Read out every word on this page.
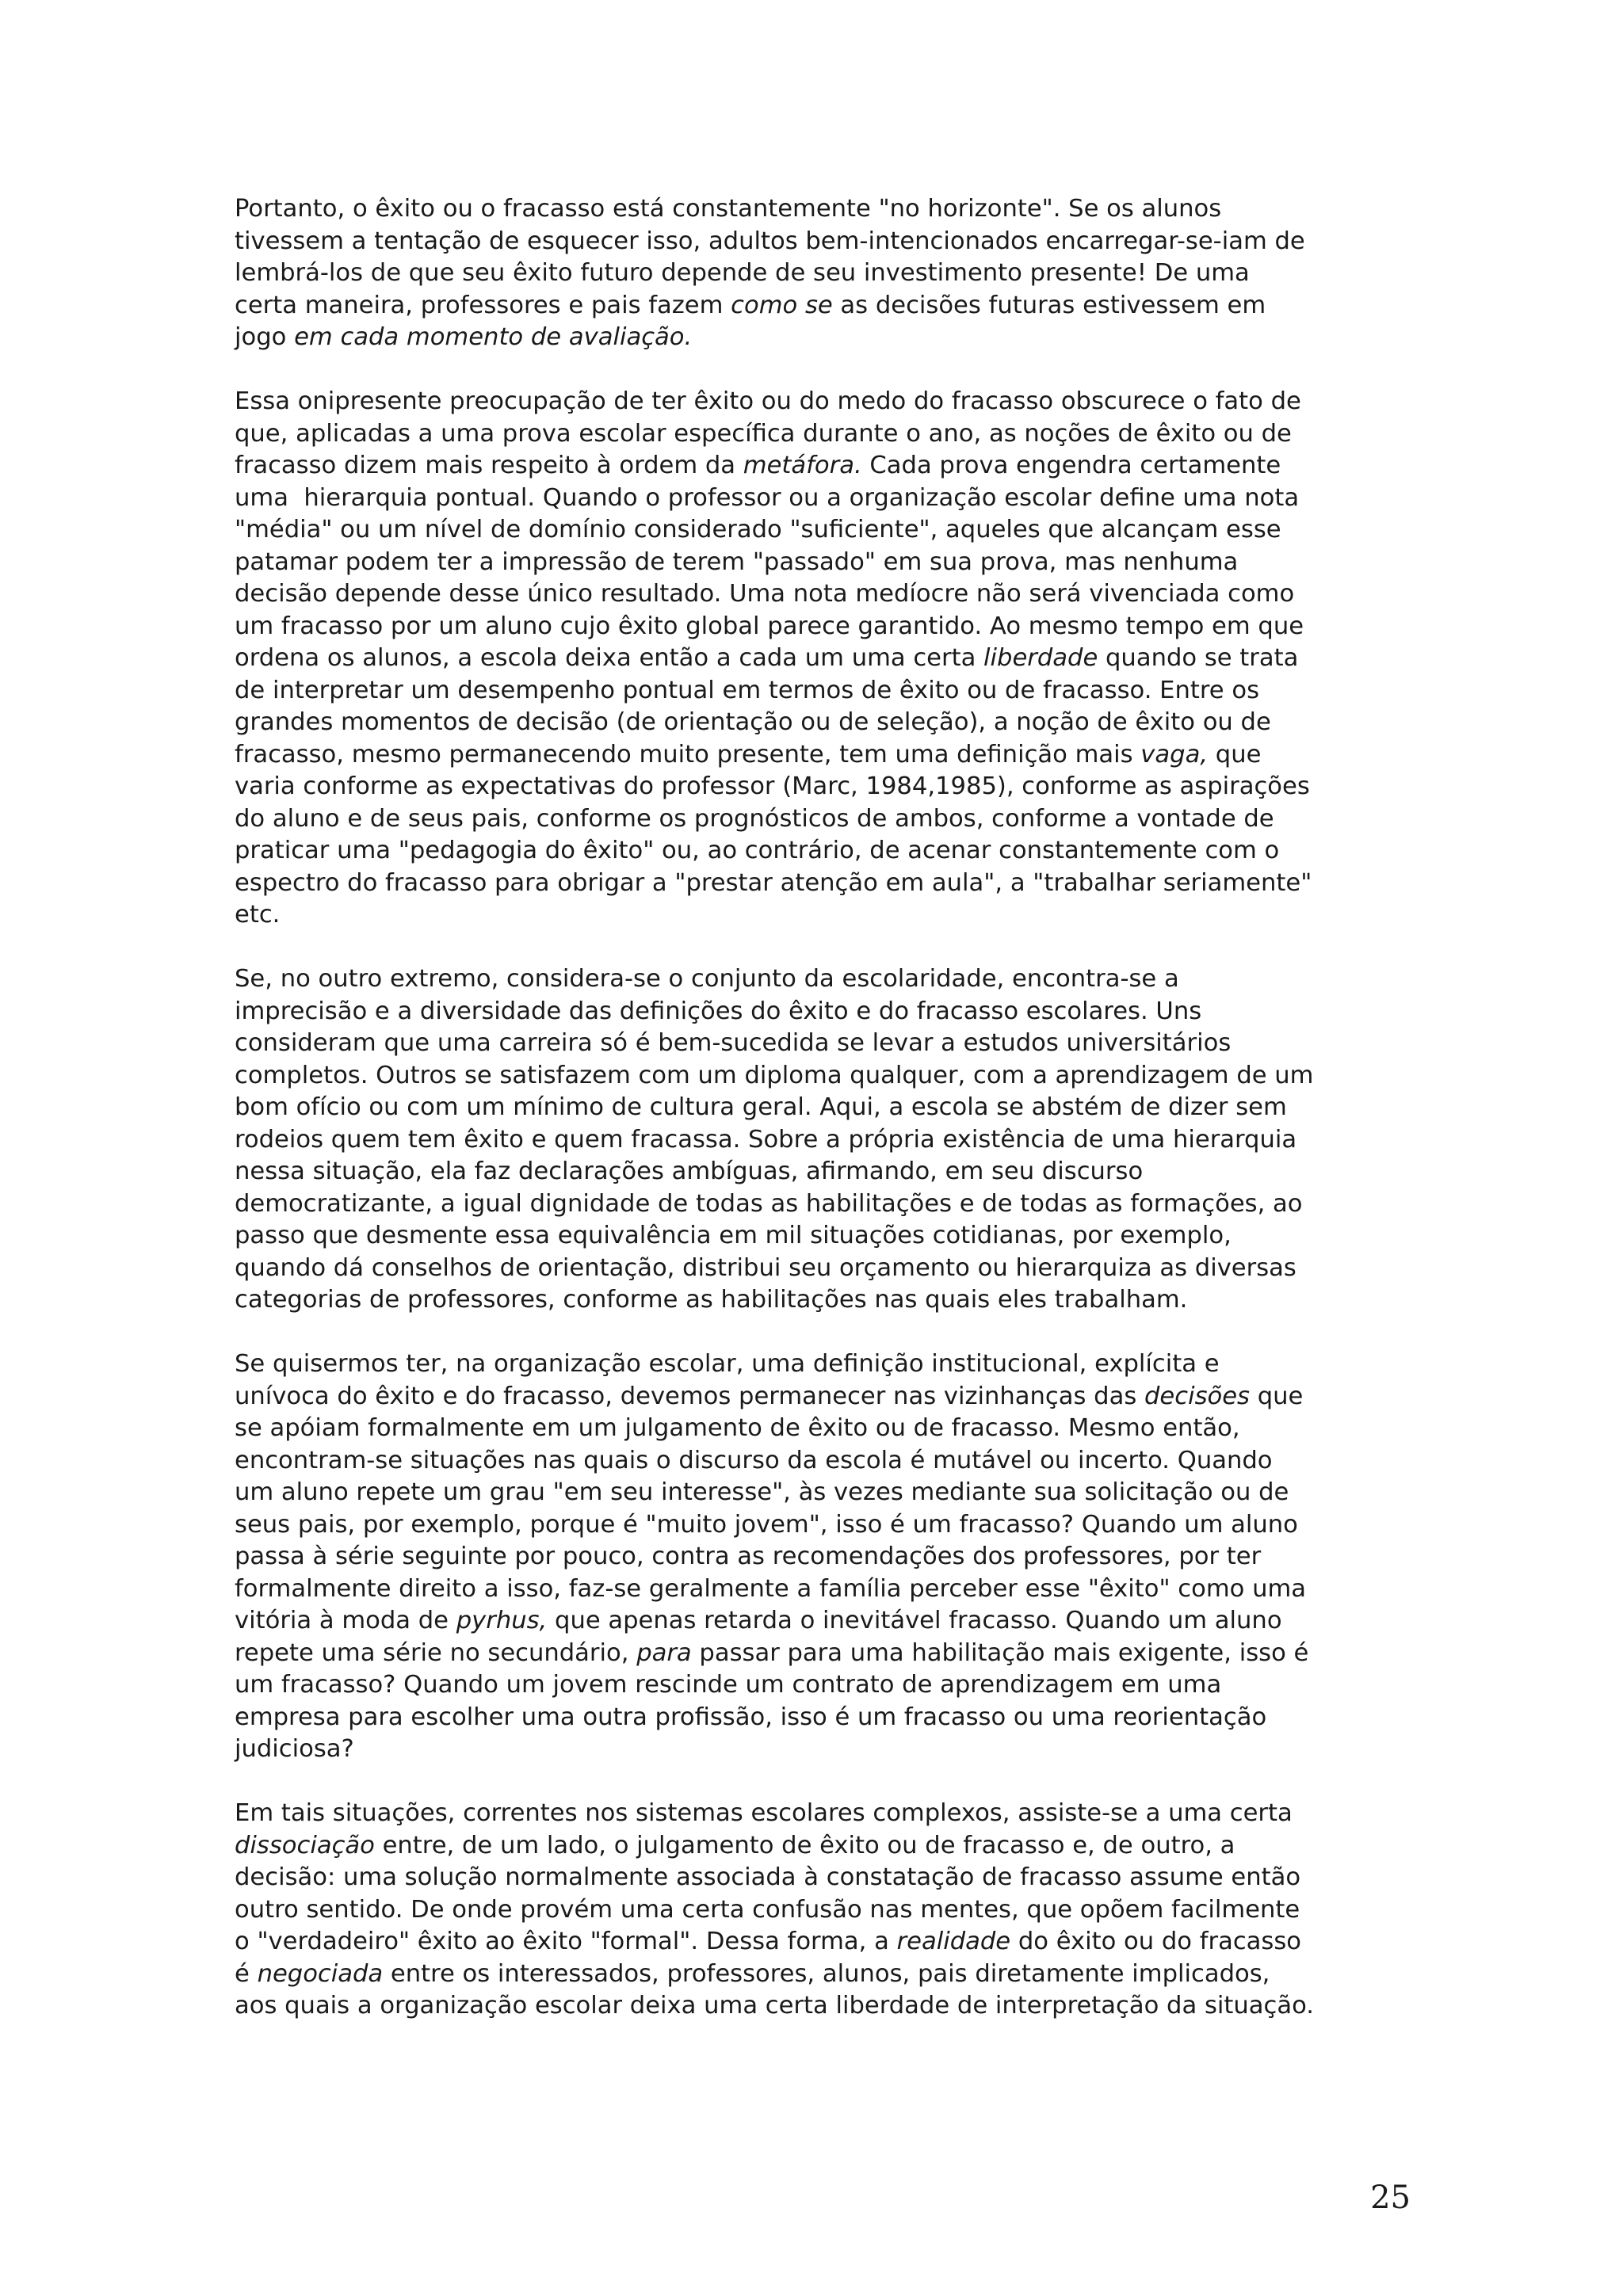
Portanto, o êxito ou o fracasso está constantemente "no horizonte". Se os alunos
tivessem a tentação de esquecer isso, adultos bem-intencionados encarregar-se-iam de
lembrá-los de que seu êxito futuro depende de seu investimento presente! De uma
certa maneira, professores e pais fazem como se as decisões futuras estivessem em
jogo em cada momento de avaliação.

Essa onipresente preocupação de ter êxito ou do medo do fracasso obscurece o fato de
que, aplicadas a uma prova escolar específica durante o ano, as noções de êxito ou de
fracasso dizem mais respeito à ordem da metáfora. Cada prova engendra certamente
uma  hierarquia pontual. Quando o professor ou a organização escolar define uma nota
"média" ou um nível de domínio considerado "suficiente", aqueles que alcançam esse
patamar podem ter a impressão de terem "passado" em sua prova, mas nenhuma
decisão depende desse único resultado. Uma nota medíocre não será vivenciada como
um fracasso por um aluno cujo êxito global parece garantido. Ao mesmo tempo em que
ordena os alunos, a escola deixa então a cada um uma certa liberdade quando se trata
de interpretar um desempenho pontual em termos de êxito ou de fracasso. Entre os
grandes momentos de decisão (de orientação ou de seleção), a noção de êxito ou de
fracasso, mesmo permanecendo muito presente, tem uma definição mais vaga, que
varia conforme as expectativas do professor (Marc, 1984,1985), conforme as aspirações
do aluno e de seus pais, conforme os prognósticos de ambos, conforme a vontade de
praticar uma "pedagogia do êxito" ou, ao contrário, de acenar constantemente com o
espectro do fracasso para obrigar a "prestar atenção em aula", a "trabalhar seriamente"
etc.

Se, no outro extremo, considera-se o conjunto da escolaridade, encontra-se a
imprecisão e a diversidade das definições do êxito e do fracasso escolares. Uns
consideram que uma carreira só é bem-sucedida se levar a estudos universitários
completos. Outros se satisfazem com um diploma qualquer, com a aprendizagem de um
bom ofício ou com um mínimo de cultura geral. Aqui, a escola se abstém de dizer sem
rodeios quem tem êxito e quem fracassa. Sobre a própria existência de uma hierarquia
nessa situação, ela faz declarações ambíguas, afirmando, em seu discurso
democratizante, a igual dignidade de todas as habilitações e de todas as formações, ao
passo que desmente essa equivalência em mil situações cotidianas, por exemplo,
quando dá conselhos de orientação, distribui seu orçamento ou hierarquiza as diversas
categorias de professores, conforme as habilitações nas quais eles trabalham.

Se quisermos ter, na organização escolar, uma definição institucional, explícita e
unívoca do êxito e do fracasso, devemos permanecer nas vizinhanças das decisões que
se apóiam formalmente em um julgamento de êxito ou de fracasso. Mesmo então,
encontram-se situações nas quais o discurso da escola é mutável ou incerto. Quando
um aluno repete um grau "em seu interesse", às vezes mediante sua solicitação ou de
seus pais, por exemplo, porque é "muito jovem", isso é um fracasso? Quando um aluno
passa à série seguinte por pouco, contra as recomendações dos professores, por ter
formalmente direito a isso, faz-se geralmente a família perceber esse "êxito" como uma
vitória à moda de pyrhus, que apenas retarda o inevitável fracasso. Quando um aluno
repete uma série no secundário, para passar para uma habilitação mais exigente, isso é
um fracasso? Quando um jovem rescinde um contrato de aprendizagem em uma
empresa para escolher uma outra profissão, isso é um fracasso ou uma reorientação
judiciosa?

Em tais situações, correntes nos sistemas escolares complexos, assiste-se a uma certa
dissociação entre, de um lado, o julgamento de êxito ou de fracasso e, de outro, a
decisão: uma solução normalmente associada à constatação de fracasso assume então
outro sentido. De onde provém uma certa confusão nas mentes, que opõem facilmente
o "verdadeiro" êxito ao êxito "formal". Dessa forma, a realidade do êxito ou do fracasso
é negociada entre os interessados, professores, alunos, pais diretamente implicados,
aos quais a organização escolar deixa uma certa liberdade de interpretação da situação.

25
